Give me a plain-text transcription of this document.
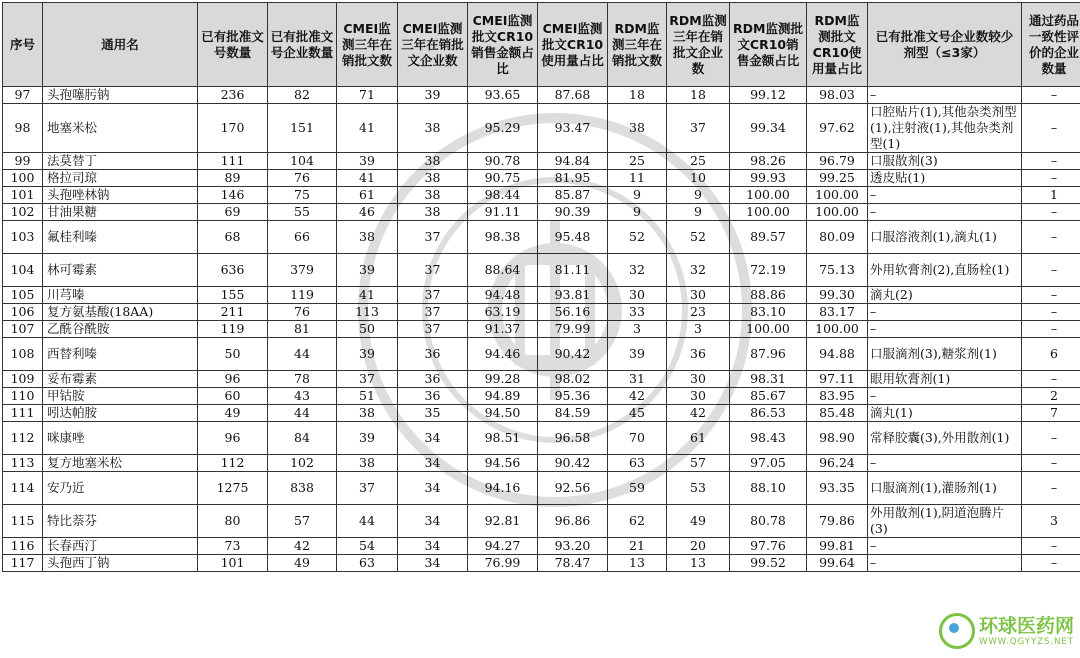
序号	通用名	已有批准文号数量	已有批准文号企业数量	CMEI监测三年在销批文数	CMEI监测三年在销批文企业数	CMEI监测批文CR10销售金额占比	CMEI监测批文CR10使用量占比	RDM监测三年在销批文数	RDM监测三年在销批文企业数	RDM监测批文CR10销售金额占比	RDM监测批文CR10使用量占比	已有批准文号企业数较少剂型（≤3家）	通过药品一致性评价的企业数量
97	头孢噻肟钠	236	82	71	39	93.65	87.68	18	18	99.12	98.03	–	–
98	地塞米松	170	151	41	38	95.29	93.47	38	37	99.34	97.62	口腔贴片(1),其他杂类剂型(1),注射液(1),其他杂类剂型(1)	–
99	法莫替丁	111	104	39	38	90.78	94.84	25	25	98.26	96.79	口服散剂(3)	–
100	格拉司琼	89	76	41	38	90.75	81.95	11	10	99.93	99.25	透皮贴(1)	–
101	头孢唑林钠	146	75	61	38	98.44	85.87	9	9	100.00	100.00	–	1
102	甘油果糖	69	55	46	38	91.11	90.39	9	9	100.00	100.00	–	–
103	氟桂利嗪	68	66	38	37	98.38	95.48	52	52	89.57	80.09	口服溶液剂(1),滴丸(1)	–
104	林可霉素	636	379	39	37	88.64	81.11	32	32	72.19	75.13	外用软膏剂(2),直肠栓(1)	–
105	川芎嗪	155	119	41	37	94.48	93.81	30	30	88.86	99.30	滴丸(2)	–
106	复方氨基酸(18AA)	211	76	113	37	63.19	56.16	33	23	83.10	83.17	–	–
107	乙酰谷酰胺	119	81	50	37	91.37	79.99	3	3	100.00	100.00	–	–
108	西替利嗪	50	44	39	36	94.46	90.42	39	36	87.96	94.88	口服滴剂(3),糖浆剂(1)	6
109	妥布霉素	96	78	37	36	99.28	98.02	31	30	98.31	97.11	眼用软膏剂(1)	–
110	甲钴胺	60	43	51	36	94.89	95.36	42	30	85.67	83.95	–	2
111	吲达帕胺	49	44	38	35	94.50	84.59	45	42	86.53	85.48	滴丸(1)	7
112	咪康唑	96	84	39	34	98.51	96.58	70	61	98.43	98.90	常释胶囊(3),外用散剂(1)	–
113	复方地塞米松	112	102	38	34	94.56	90.42	63	57	97.05	96.24	–	–
114	安乃近	1275	838	37	34	94.16	92.56	59	53	88.10	93.35	口服滴剂(1),灌肠剂(1)	–
115	特比萘芬	80	57	44	34	92.81	96.86	62	49	80.78	79.86	外用散剂(1),阴道泡腾片(3)	3
116	长春西汀	73	42	54	34	94.27	93.20	21	20	97.76	99.81	–	–
117	头孢西丁钠	101	49	63	34	76.99	78.47	13	13	99.52	99.64	–	–
环球医药网
WWW.QGYYZS.NET
